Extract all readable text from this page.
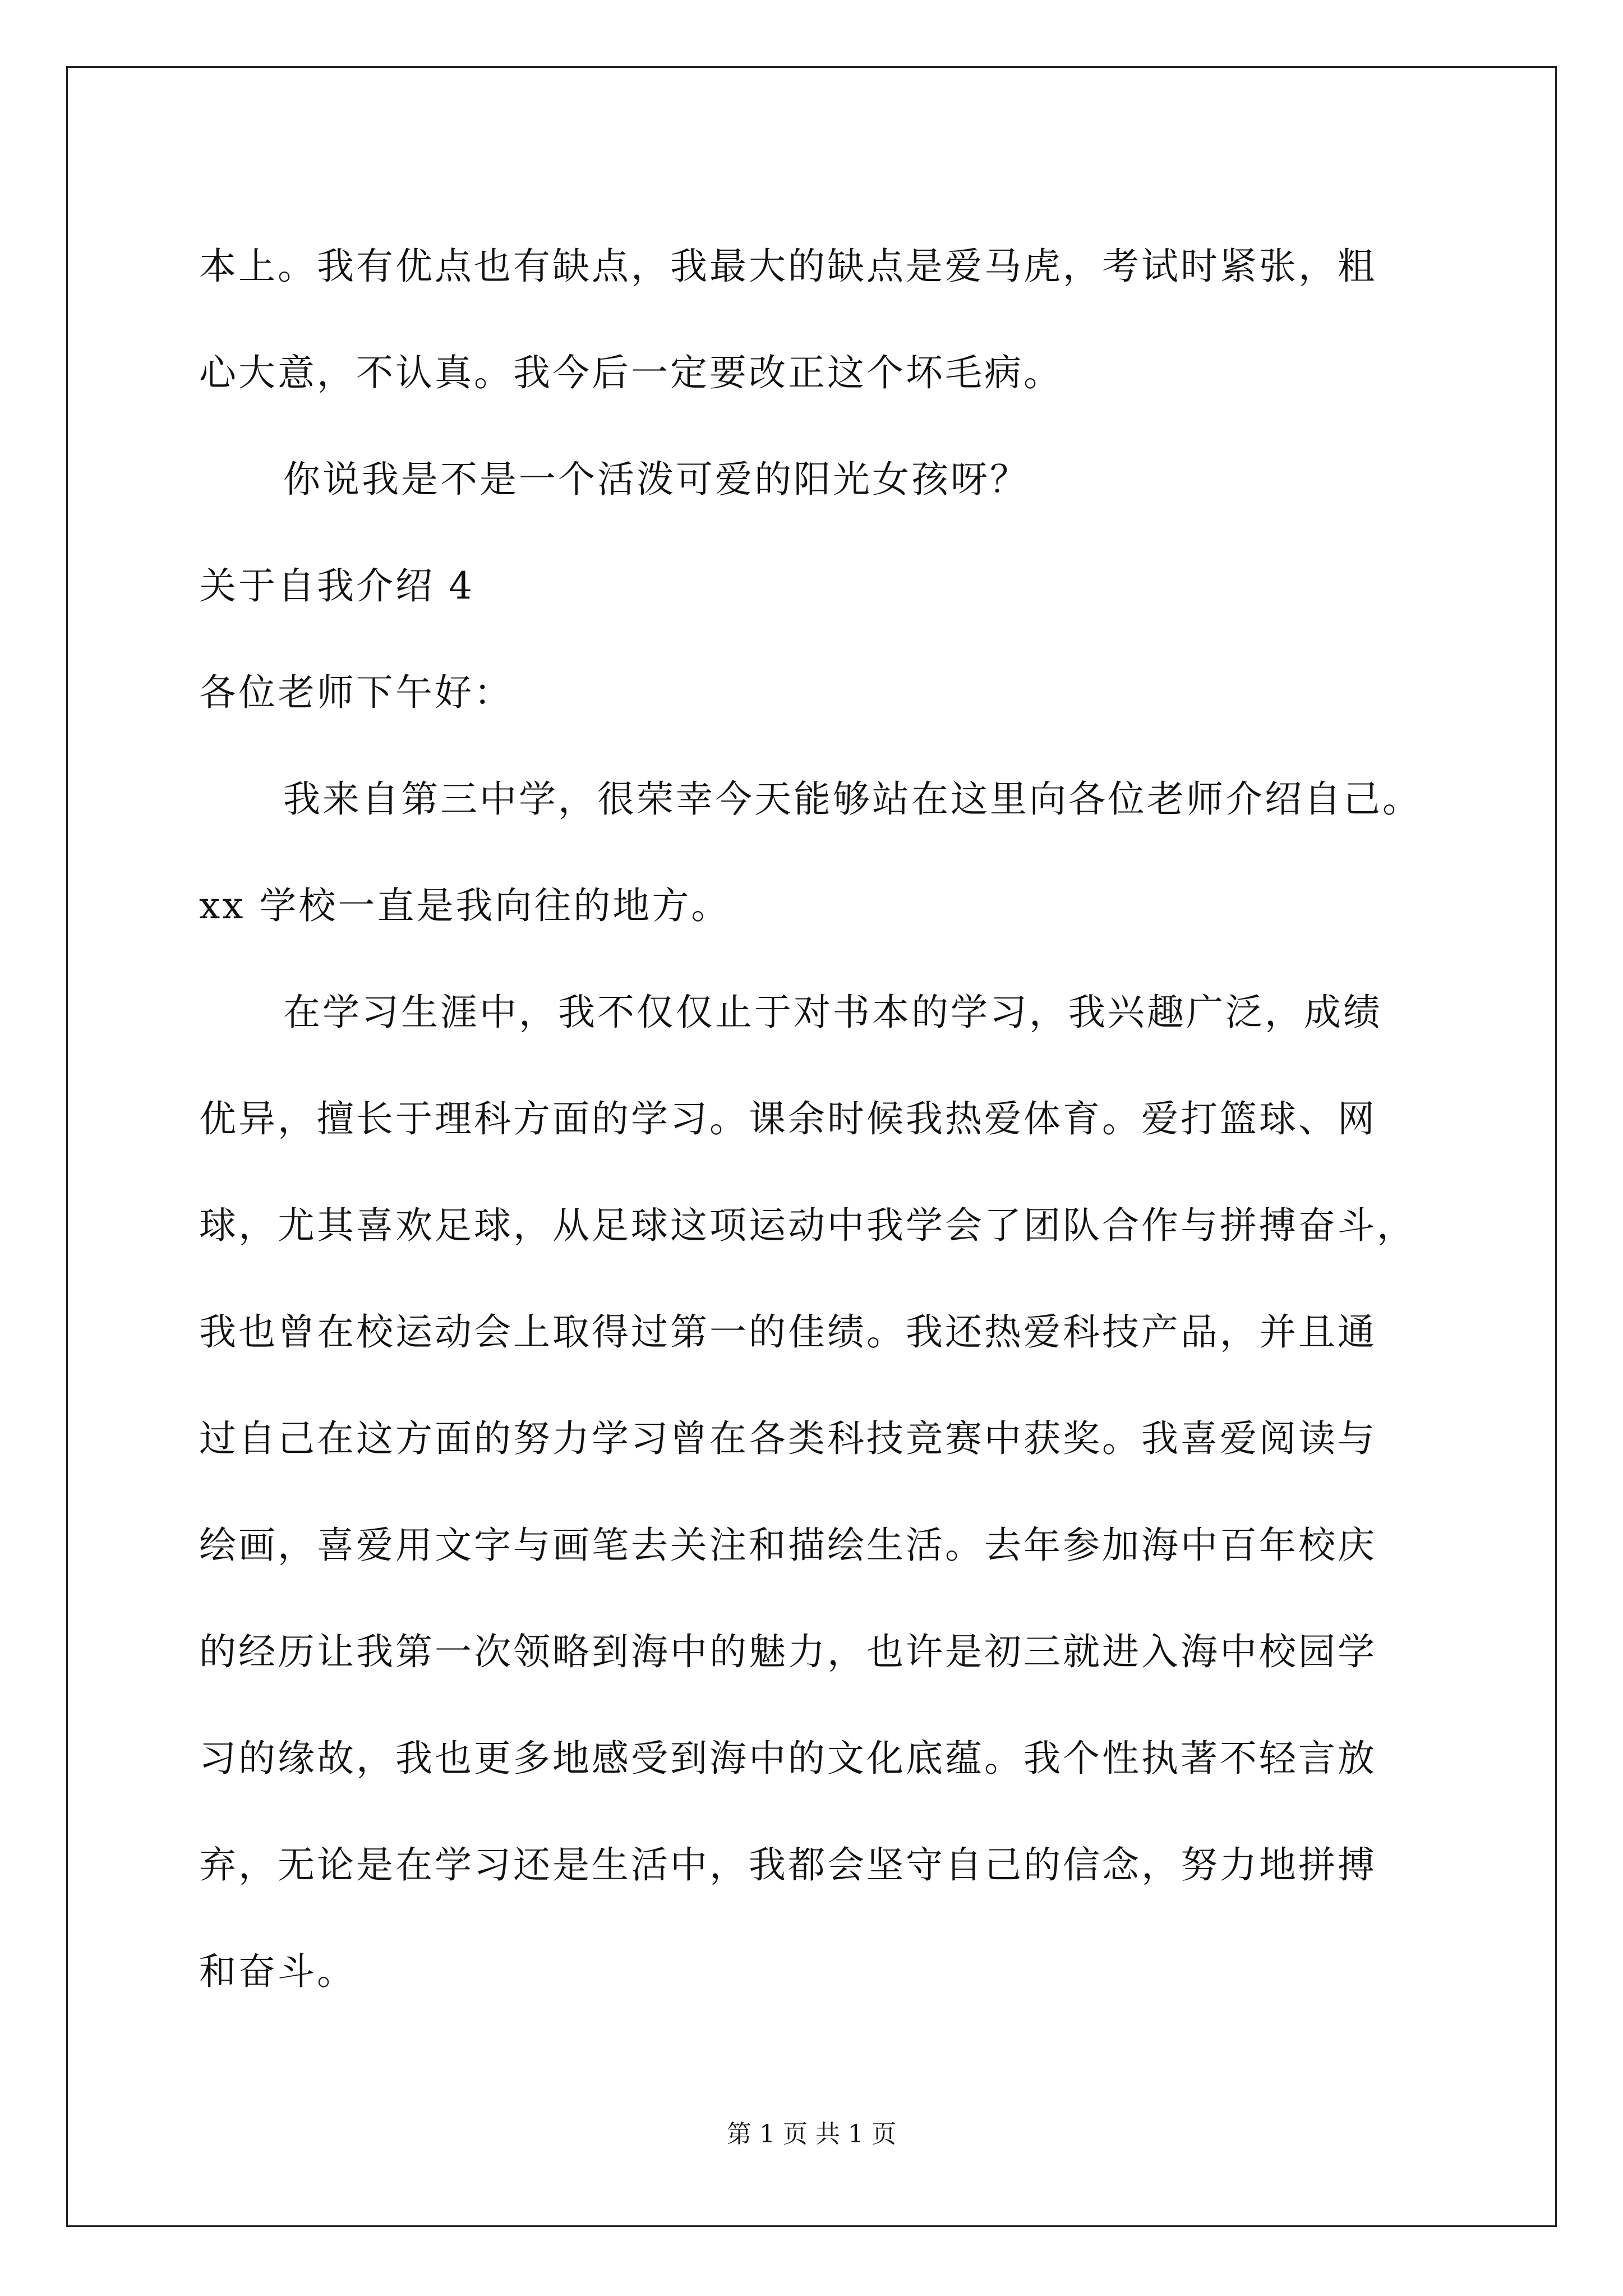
本上。我有优点也有缺点，我最大的缺点是爱马虎，考试时紧张，粗
心大意，不认真。我今后一定要改正这个坏毛病。
你说我是不是一个活泼可爱的阳光女孩呀？
关于自我介绍 4
各位老师下午好：
我来自第三中学，很荣幸今天能够站在这里向各位老师介绍自己。
xx 学校一直是我向往的地方。
在学习生涯中，我不仅仅止于对书本的学习，我兴趣广泛，成绩
优异，擅长于理科方面的学习。课余时候我热爱体育。爱打篮球、网
球，尤其喜欢足球，从足球这项运动中我学会了团队合作与拼搏奋斗，
我也曾在校运动会上取得过第一的佳绩。我还热爱科技产品，并且通
过自己在这方面的努力学习曾在各类科技竞赛中获奖。我喜爱阅读与
绘画，喜爱用文字与画笔去关注和描绘生活。去年参加海中百年校庆
的经历让我第一次领略到海中的魅力，也许是初三就进入海中校园学
习的缘故，我也更多地感受到海中的文化底蕴。我个性执著不轻言放
弃，无论是在学习还是生活中，我都会坚守自己的信念，努力地拼搏
和奋斗。
第 1 页 共 1 页
